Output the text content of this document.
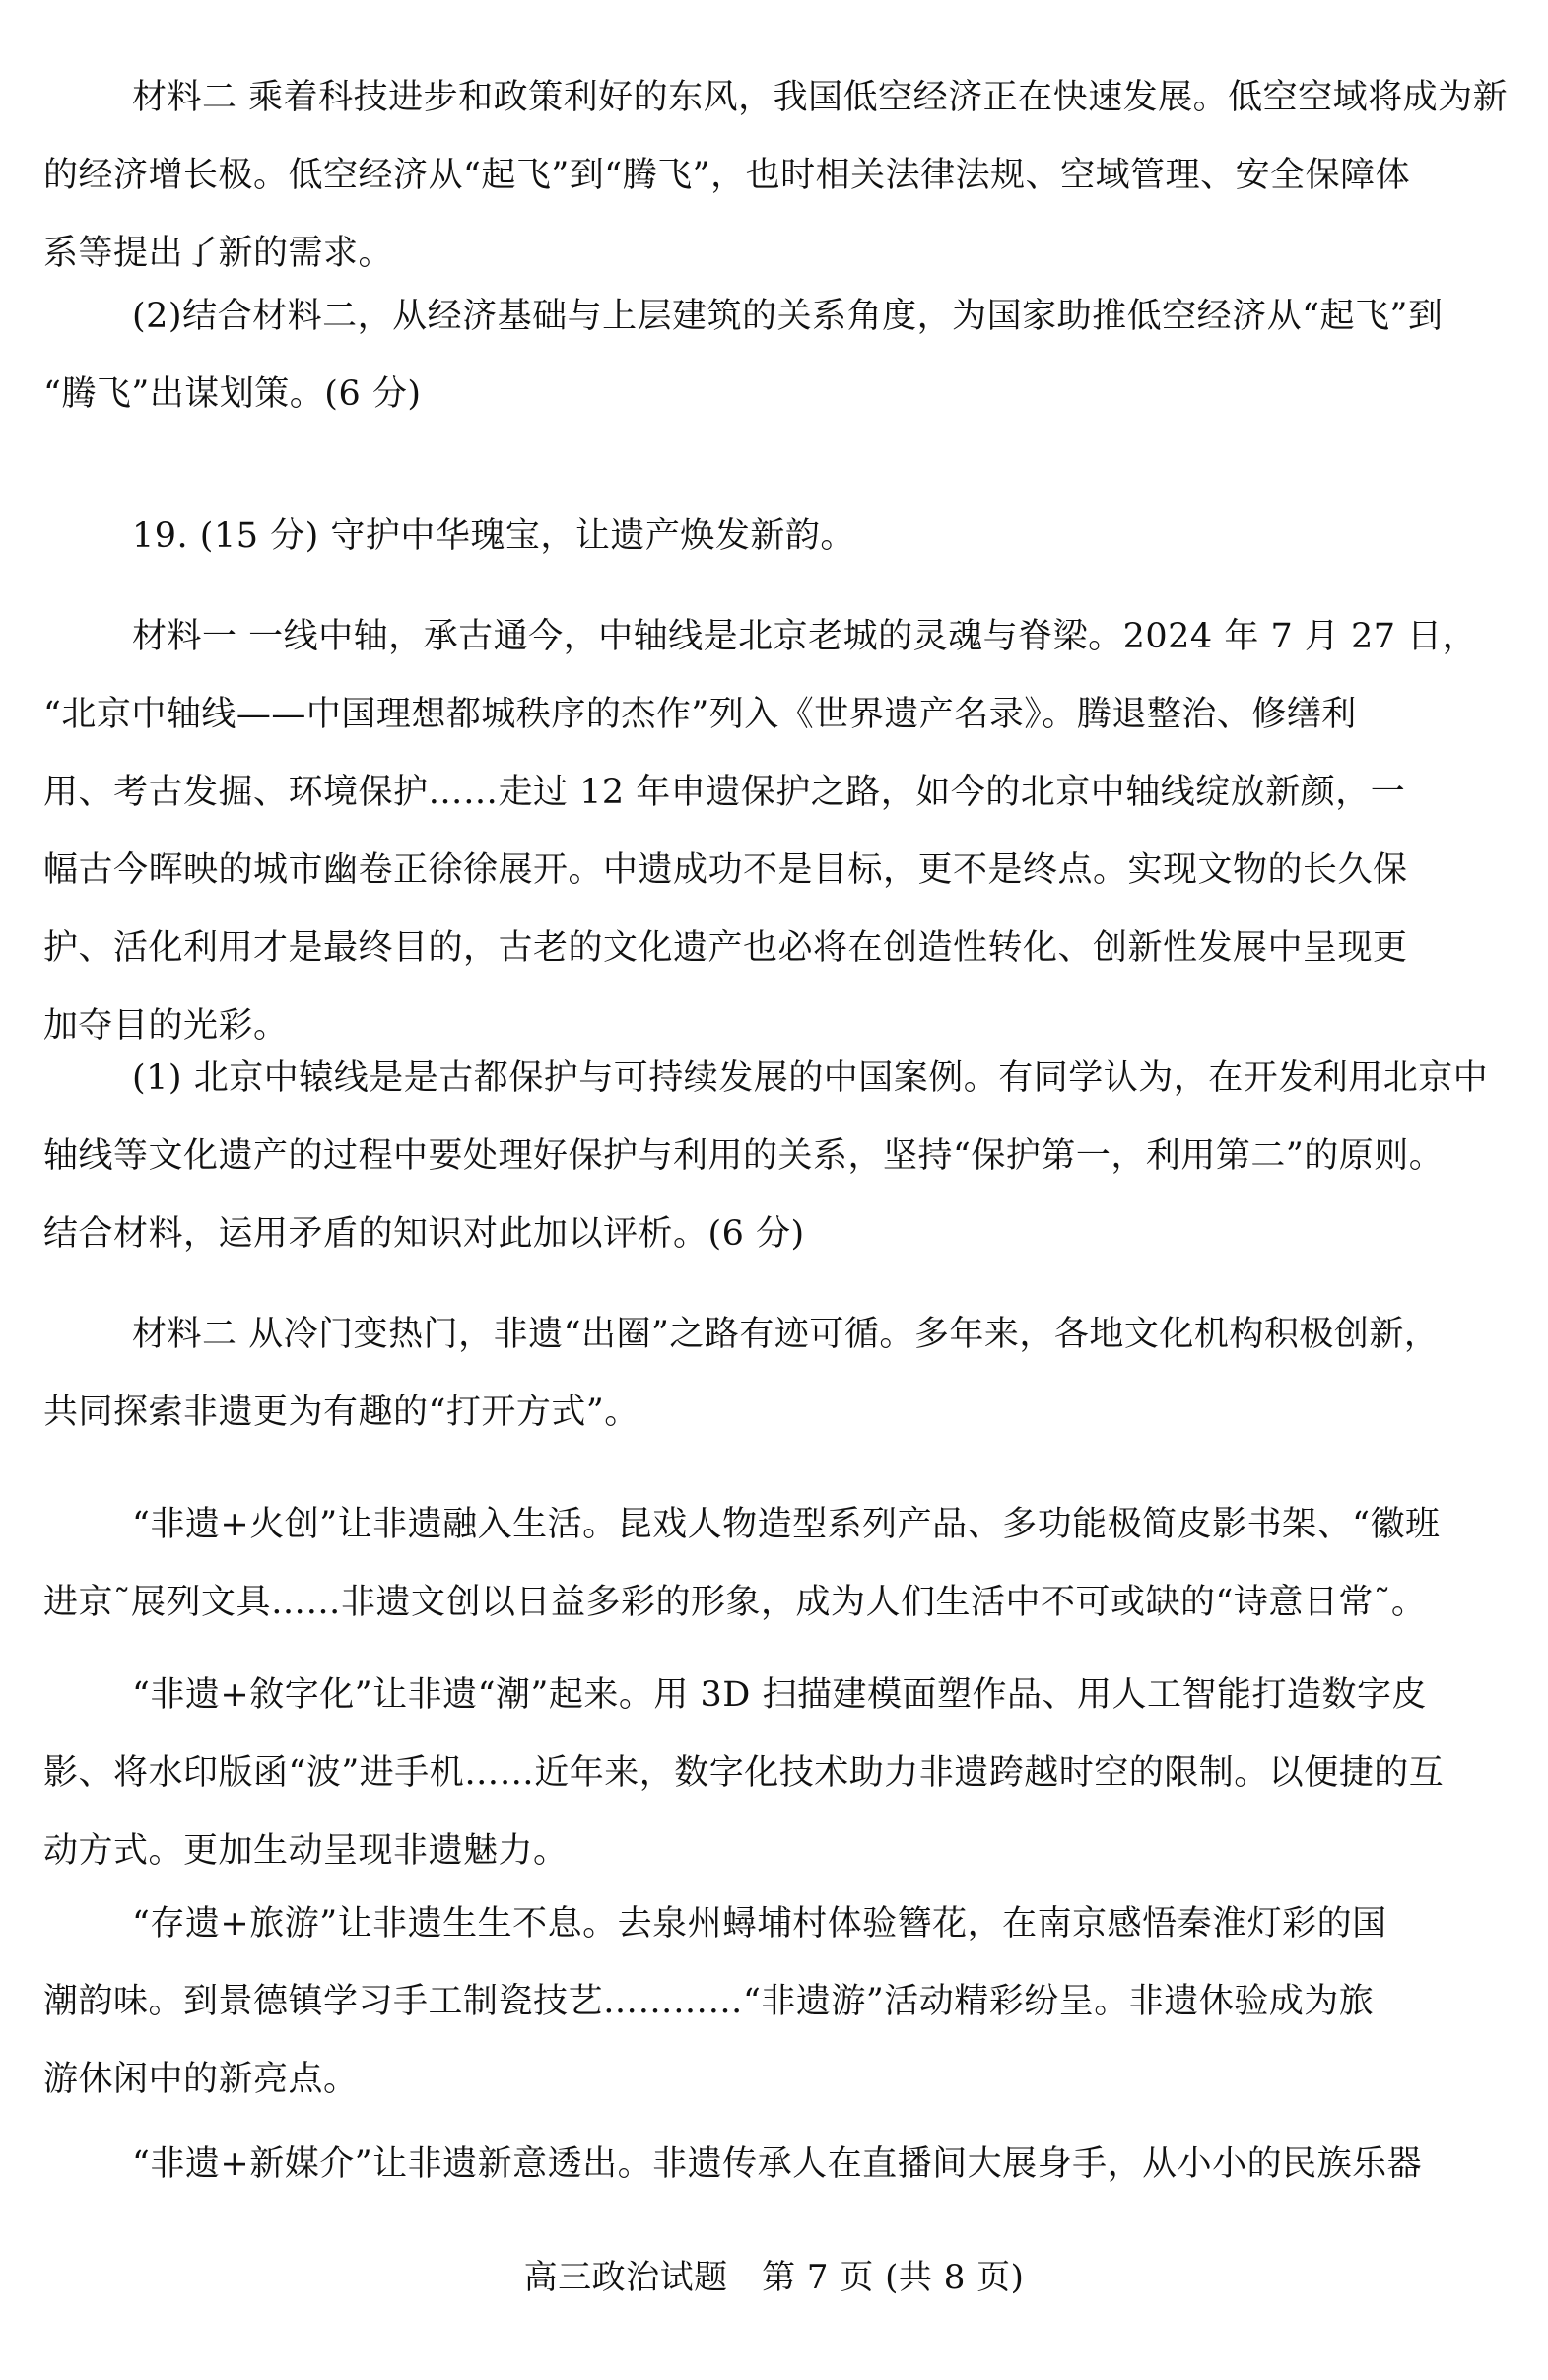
材料二 乘着科技进步和政策利好的东风，我国低空经济正在快速发展。低空空域将成为新
的经济增长极。低空经济从“起飞”到“腾飞”，也时相关法律法规、空域管理、安全保障体
系等提出了新的需求。
(2)结合材料二，从经济基础与上层建筑的关系角度，为国家助推低空经济从“起飞”到
“腾飞”出谋划策。(6 分)
19. (15 分) 守护中华瑰宝，让遗产焕发新韵。
材料一 一线中轴，承古通今，中轴线是北京老城的灵魂与脊梁。2024 年 7 月 27 日，
“北京中轴线——中国理想都城秩序的杰作”列入《世界遗产名录》。腾退整治、修缮利
用、考古发掘、环境保护……走过 12 年申遗保护之路，如今的北京中轴线绽放新颜，一
幅古今晖映的城市幽卷正徐徐展开。中遗成功不是目标，更不是终点。实现文物的长久保
护、活化利用才是最终目的，古老的文化遗产也必将在创造性转化、创新性发展中呈现更
加夺目的光彩。
(1) 北京中辕线是是古都保护与可持续发展的中国案例。有同学认为，在开发利用北京中
轴线等文化遗产的过程中要处理好保护与利用的关系，坚持“保护第一，利用第二”的原则。
结合材料，运用矛盾的知识对此加以评析。(6 分)
材料二 从冷门变热门，非遗“出圈”之路有迹可循。多年来，各地文化机构积极创新，
共同探索非遗更为有趣的“打开方式”。
“非遗+火创”让非遗融入生活。昆戏人物造型系列产品、多功能极简皮影书架、“徽班
进京˜展列文具……非遗文创以日益多彩的形象，成为人们生活中不可或缺的“诗意日常˜。
“非遗+敘字化”让非遗“潮”起来。用 3D 扫描建模面塑作品、用人工智能打造数字皮
影、将水印版函“波”进手机……近年来，数字化技术助力非遗跨越时空的限制。以便捷的互
动方式。更加生动呈现非遗魅力。
“存遗+旅游”让非遗生生不息。去泉州蟳埔村体验簪花，在南京感悟秦淮灯彩的国
潮韵味。到景德镇学习手工制瓷技艺…………“非遗游”活动精彩纷呈。非遗休验成为旅
游休闲中的新亮点。
“非遗+新媒介”让非遗新意透出。非遗传承人在直播间大展身手，从小小的民族乐器
高三政治试题　第 7 页 (共 8 页)
